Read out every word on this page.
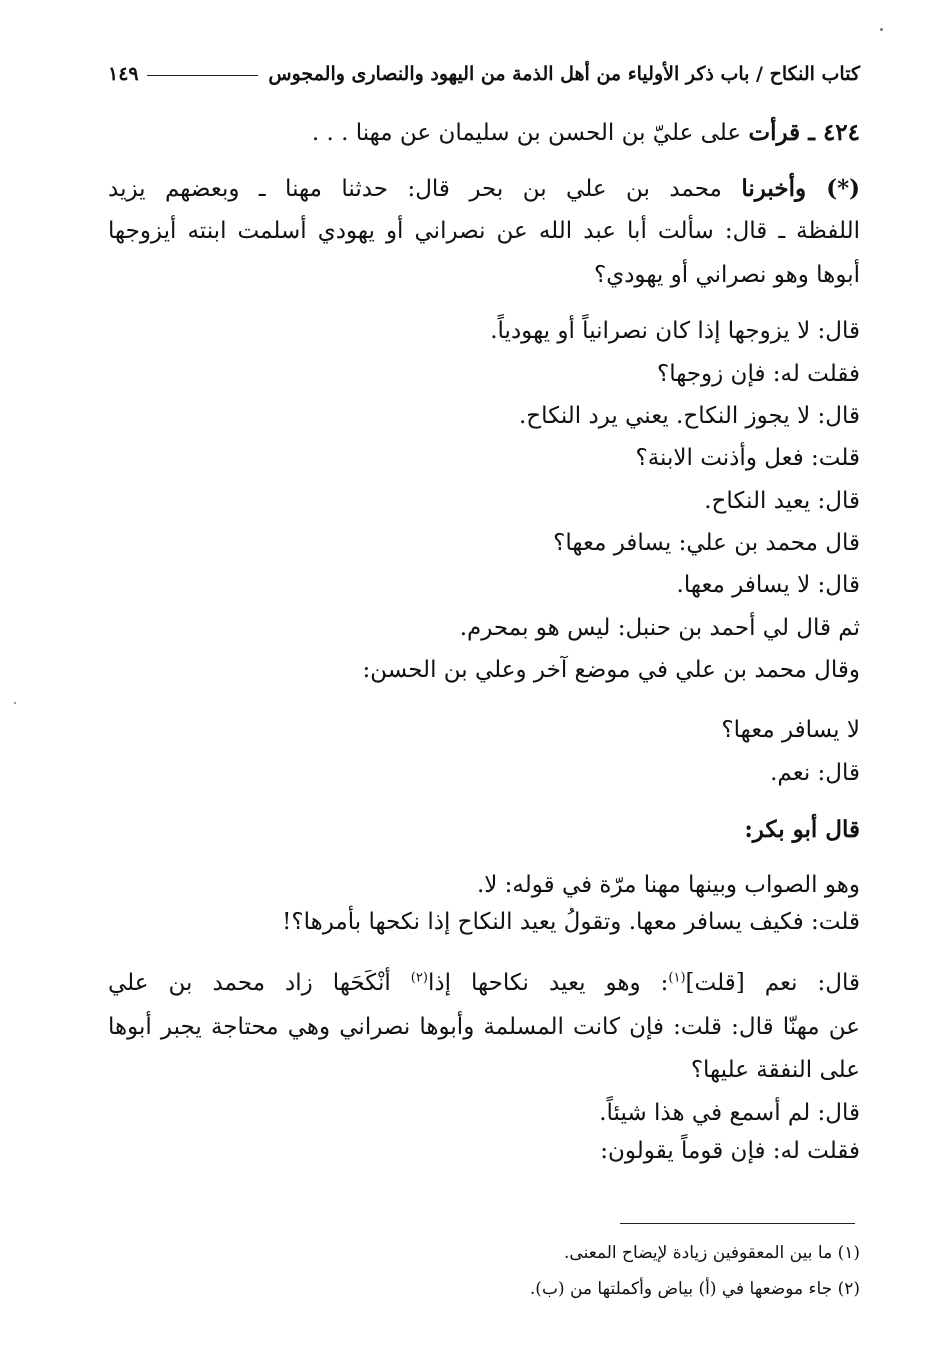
كتاب النكاح / باب ذكر الأولياء من أهل الذمة من اليهود والنصارى والمجوس
١٤٩
٤٢٤ ـ قرأت على عليّ بن الحسن بن سليمان عن مهنا . . .
(*) وأخبرنا محمد بن علي بن بحر قال: حدثنا مهنا ـ وبعضهم يزيد
اللفظة ـ قال: سألت أبا عبد الله عن نصراني أو يهودي أسلمت ابنته أيزوجها
أبوها وهو نصراني أو يهودي؟
قال: لا يزوجها إذا كان نصرانياً أو يهودياً.
فقلت له: فإن زوجها؟
قال: لا يجوز النكاح. يعني يرد النكاح.
قلت: فعل وأذنت الابنة؟
قال: يعيد النكاح.
قال محمد بن علي: يسافر معها؟
قال: لا يسافر معها.
ثم قال لي أحمد بن حنبل: ليس هو بمحرم.
وقال محمد بن علي في موضع آخر وعلي بن الحسن:
لا يسافر معها؟
قال: نعم.
قال أبو بكر:
وهو الصواب وبينها مهنا مرّة في قوله: لا.
قلت: فكيف يسافر معها. وتقولُ يعيد النكاح إذا نكحها بأمرها؟!
قال: نعم [قلت]$^{(١)}$: وهو يعيد نكاحها إذا$^{(٢)}$ أنْكَحَها زاد محمد بن علي
عن مهنّا قال: قلت: فإن كانت المسلمة وأبوها نصراني وهي محتاجة يجبر أبوها
على النفقة عليها؟
قال: لم أسمع في هذا شيئاً.
فقلت له: فإن قوماً يقولون:
(١) ما بين المعقوفين زيادة لإيضاح المعنى.
(٢) جاء موضعها في (أ) بياض وأكملتها من (ب).
